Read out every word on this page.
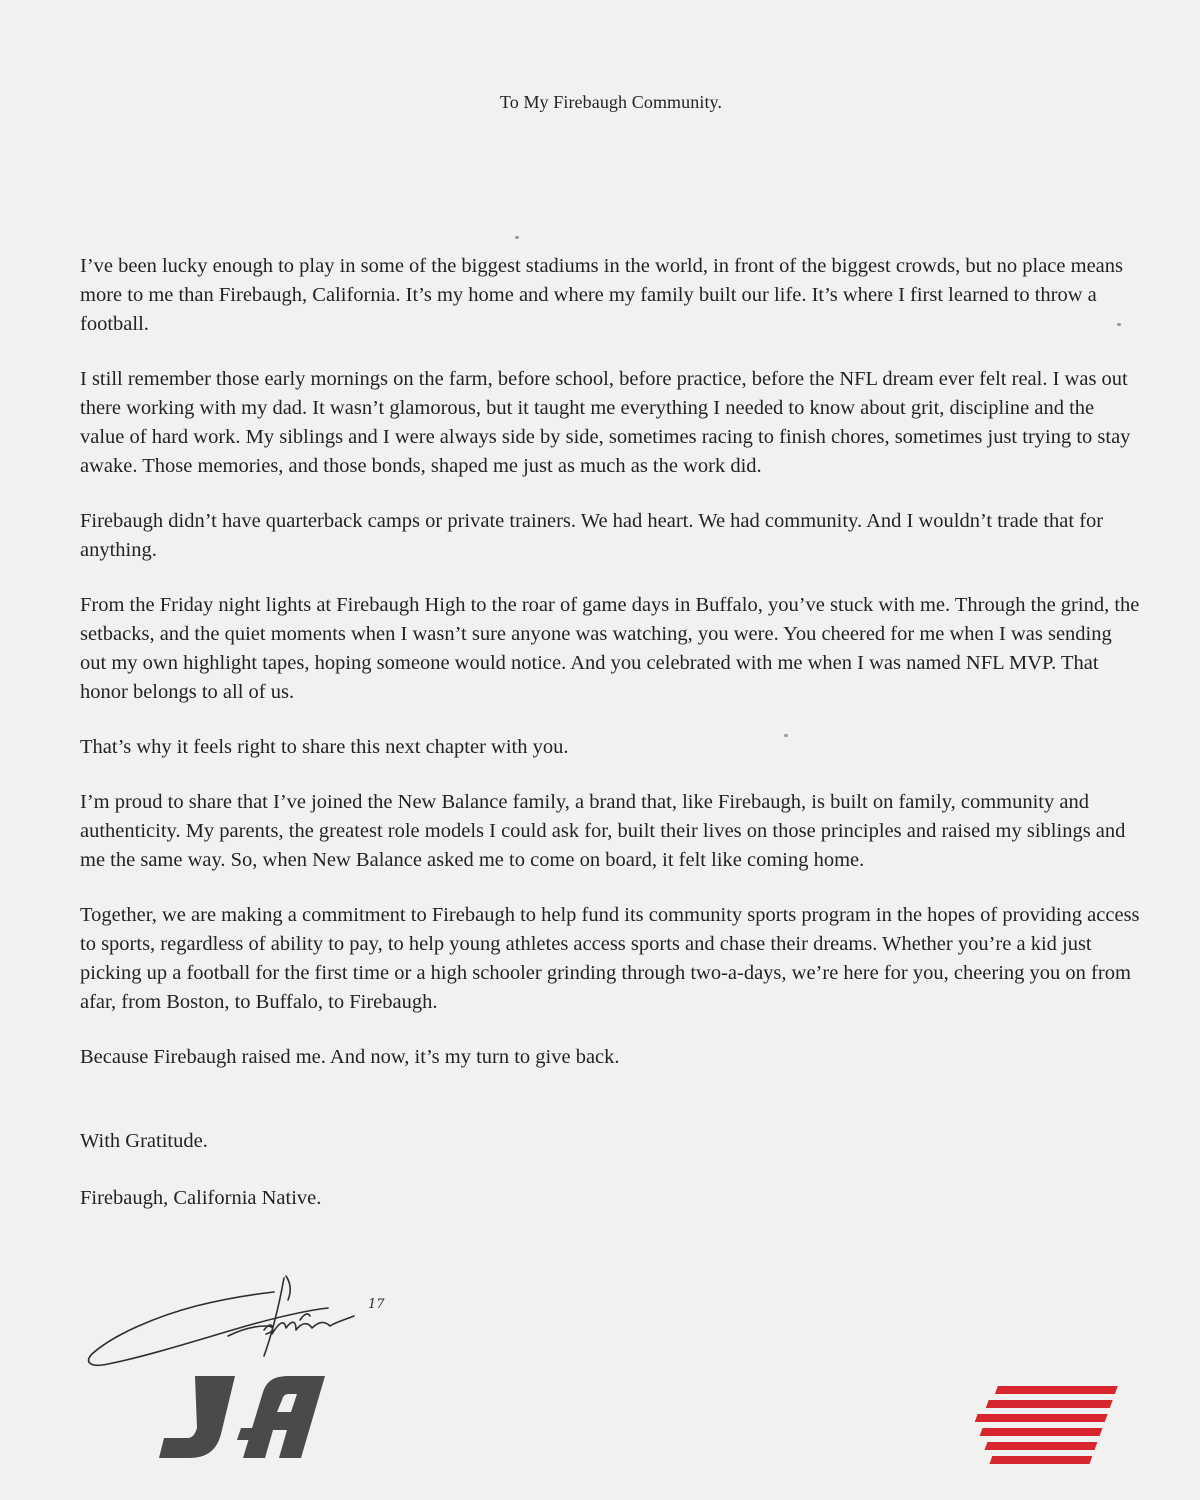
To My Firebaugh Community.

I’ve been lucky enough to play in some of the biggest stadiums in the world, in front of the biggest crowds, but no place means more to me than Firebaugh, California. It’s my home and where my family built our life. It’s where I first learned to throw a football.

I still remember those early mornings on the farm, before school, before practice, before the NFL dream ever felt real. I was out there working with my dad. It wasn’t glamorous, but it taught me everything I needed to know about grit, discipline and the value of hard work. My siblings and I were always side by side, sometimes racing to finish chores, sometimes just trying to stay awake. Those memories, and those bonds, shaped me just as much as the work did.

Firebaugh didn’t have quarterback camps or private trainers. We had heart. We had community. And I wouldn’t trade that for anything.

From the Friday night lights at Firebaugh High to the roar of game days in Buffalo, you’ve stuck with me. Through the grind, the setbacks, and the quiet moments when I wasn’t sure anyone was watching, you were. You cheered for me when I was sending out my own highlight tapes, hoping someone would notice. And you celebrated with me when I was named NFL MVP. That honor belongs to all of us.

That’s why it feels right to share this next chapter with you.

I’m proud to share that I’ve joined the New Balance family, a brand that, like Firebaugh, is built on family, community and authenticity. My parents, the greatest role models I could ask for, built their lives on those principles and raised my siblings and me the same way. So, when New Balance asked me to come on board, it felt like coming home.

Together, we are making a commitment to Firebaugh to help fund its community sports program in the hopes of providing access to sports, regardless of ability to pay, to help young athletes access sports and chase their dreams. Whether you’re a kid just picking up a football for the first time or a high schooler grinding through two-a-days, we’re here for you, cheering you on from afar, from Boston, to Buffalo, to Firebaugh.

Because Firebaugh raised me. And now, it’s my turn to give back.

With Gratitude.
Firebaugh, California Native.
17
